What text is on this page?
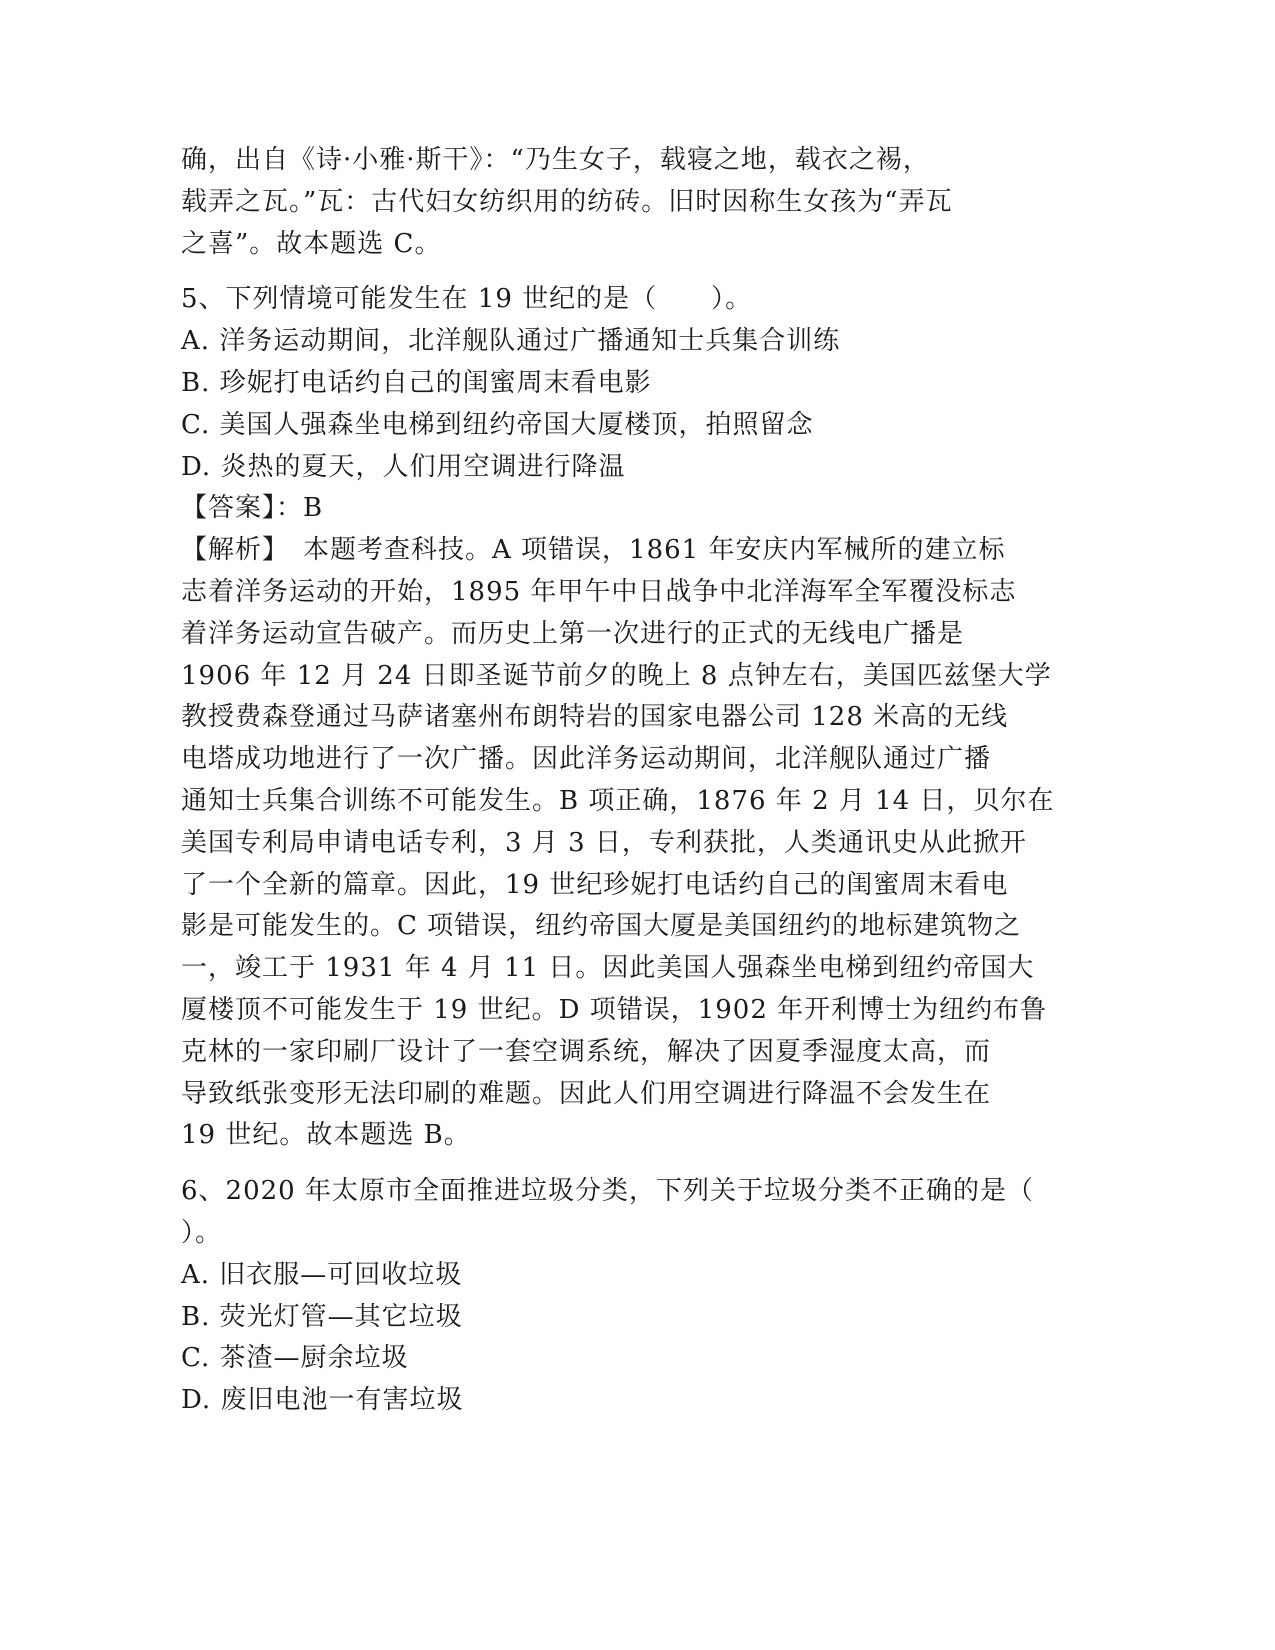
确，出自《诗·小雅·斯干》：“乃生女子，载寝之地，载衣之裼，
载弄之瓦。”瓦：古代妇女纺织用的纺砖。旧时因称生女孩为“弄瓦
之喜”。故本题选 C。
5、下列情境可能发生在 19 世纪的是（　　）。
A. 洋务运动期间，北洋舰队通过广播通知士兵集合训练
B. 珍妮打电话约自己的闺蜜周末看电影
C. 美国人强森坐电梯到纽约帝国大厦楼顶，拍照留念
D. 炎热的夏天，人们用空调进行降温
【答案】：B
【解析】　本题考查科技。A 项错误，1861 年安庆内军械所的建立标
志着洋务运动的开始，1895 年甲午中日战争中北洋海军全军覆没标志
着洋务运动宣告破产。而历史上第一次进行的正式的无线电广播是
1906 年 12 月 24 日即圣诞节前夕的晚上 8 点钟左右，美国匹兹堡大学
教授费森登通过马萨诸塞州布朗特岩的国家电器公司 128 米高的无线
电塔成功地进行了一次广播。因此洋务运动期间，北洋舰队通过广播
通知士兵集合训练不可能发生。B 项正确，1876 年 2 月 14 日，贝尔在
美国专利局申请电话专利，3 月 3 日，专利获批，人类通讯史从此掀开
了一个全新的篇章。因此，19 世纪珍妮打电话约自己的闺蜜周末看电
影是可能发生的。C 项错误，纽约帝国大厦是美国纽约的地标建筑物之
一，竣工于 1931 年 4 月 11 日。因此美国人强森坐电梯到纽约帝国大
厦楼顶不可能发生于 19 世纪。D 项错误，1902 年开利博士为纽约布鲁
克林的一家印刷厂设计了一套空调系统，解决了因夏季湿度太高，而
导致纸张变形无法印刷的难题。因此人们用空调进行降温不会发生在
19 世纪。故本题选 B。
6、2020 年太原市全面推进垃圾分类，下列关于垃圾分类不正确的是（
）。
A. 旧衣服—可回收垃圾
B. 荧光灯管—其它垃圾
C. 茶渣—厨余垃圾
D. 废旧电池一有害垃圾
